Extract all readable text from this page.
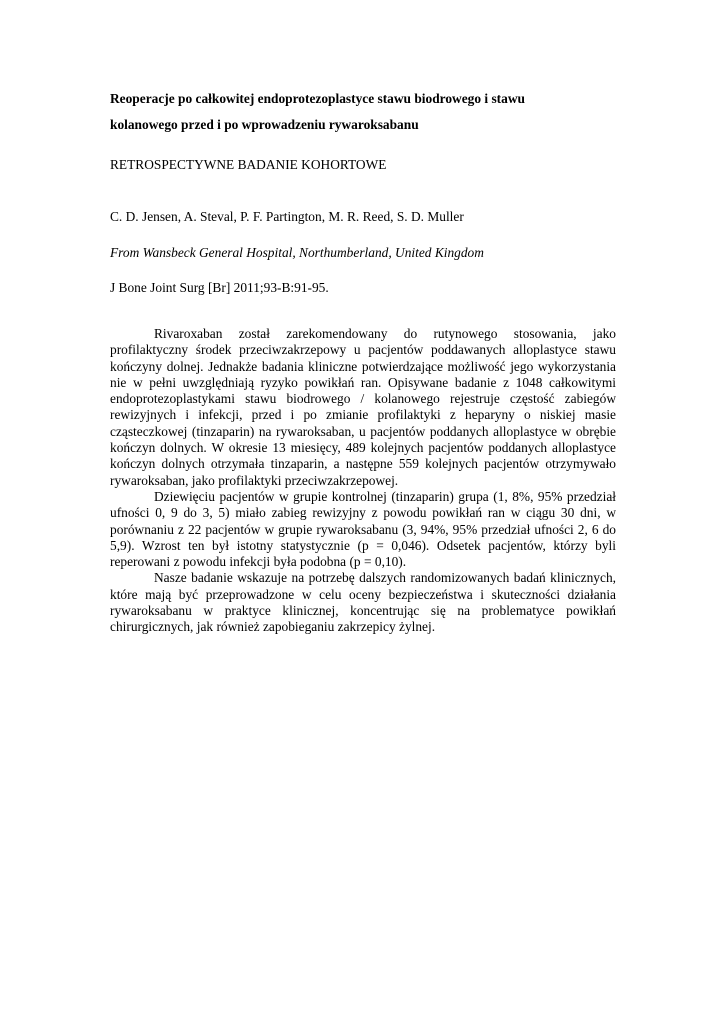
Reoperacje po całkowitej endoprotezoplastyce stawu biodrowego i stawu
kolanowego przed i po wprowadzeniu rywaroksabanu

RETROSPECTYWNE BADANIE KOHORTOWE

C. D. Jensen, A. Steval, P. F. Partington, M. R. Reed, S. D. Muller

From Wansbeck General Hospital, Northumberland, United Kingdom

J Bone Joint Surg [Br] 2011;93-B:91-95.

Rivaroxaban został zarekomendowany do rutynowego stosowania, jako profilaktyczny środek przeciwzakrzepowy u pacjentów poddawanych alloplastyce stawu kończyny dolnej. Jednakże badania kliniczne potwierdzające możliwość jego wykorzystania nie w pełni uwzględniają ryzyko powikłań ran. Opisywane badanie z 1048 całkowitymi endoprotezoplastykami stawu biodrowego / kolanowego rejestruje częstość zabiegów rewizyjnych i infekcji, przed i po zmianie profilaktyki z heparyny o niskiej masie cząsteczkowej (tinzaparin) na rywaroksaban, u pacjentów poddanych alloplastyce w obrębie kończyn dolnych. W okresie 13 miesięcy, 489 kolejnych pacjentów poddanych alloplastyce kończyn dolnych otrzymała tinzaparin, a następne 559 kolejnych pacjentów otrzymywało rywaroksaban, jako profilaktyki przeciwzakrzepowej.

Dziewięciu pacjentów w grupie kontrolnej (tinzaparin) grupa (1, 8%, 95% przedział ufności 0, 9 do 3, 5) miało zabieg rewizyjny z powodu powikłań ran w ciągu 30 dni, w porównaniu z 22 pacjentów w grupie rywaroksabanu (3, 94%, 95% przedział ufności 2, 6 do 5,9). Wzrost ten był istotny statystycznie (p = 0,046). Odsetek pacjentów, którzy byli reperowani z powodu infekcji była podobna (p = 0,10).

Nasze badanie wskazuje na potrzebę dalszych randomizowanych badań klinicznych, które mają być przeprowadzone w celu oceny bezpieczeństwa i skuteczności działania rywaroksabanu w praktyce klinicznej, koncentrując się na problematyce powikłań chirurgicznych, jak również zapobieganiu zakrzepicy żylnej.
